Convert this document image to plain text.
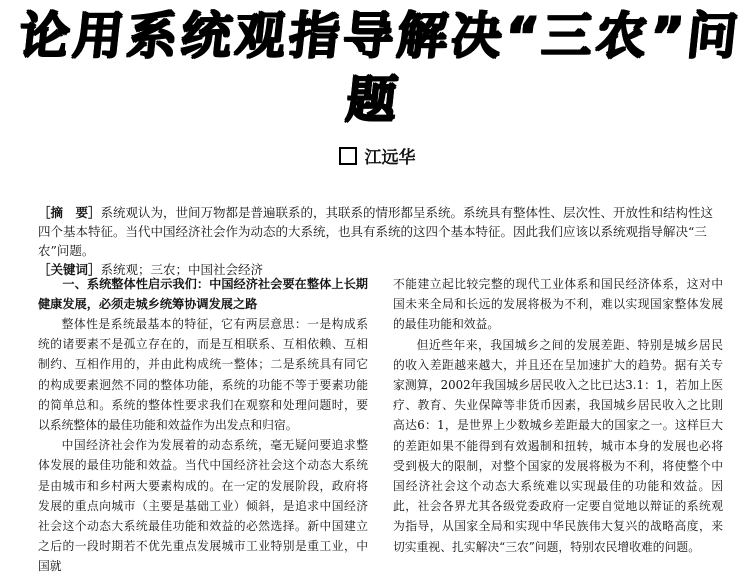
论用系统观指导解决“三农”问题
江远华
［摘　要］系统观认为，世间万物都是普遍联系的，其联系的情形都呈系统。系统具有整体性、层次性、开放性和结构性这四个基本特征。当代中国经济社会作为动态的大系统，也具有系统的这四个基本特征。因此我们应该以系统观指导解决“三农”问题。
［关键词］系统观；三农；中国社会经济

一、系统整体性启示我们：中国经济社会要在整体上长期健康发展，必须走城乡统筹协调发展之路

整体性是系统最基本的特征，它有两层意思：一是构成系统的诸要素不是孤立存在的，而是互相联系、互相依赖、互相制约、互相作用的，并由此构成统一整体；二是系统具有同它的构成要素迥然不同的整体功能，系统的功能不等于要素功能的简单总和。系统的整体性要求我们在观察和处理问题时，要以系统整体的最佳功能和效益作为出发点和归宿。

中国经济社会作为发展着的动态系统，毫无疑问要追求整体发展的最佳功能和效益。当代中国经济社会这个动态大系统是由城市和乡村两大要素构成的。在一定的发展阶段，政府将发展的重点向城市（主要是基础工业）倾斜，是追求中国经济社会这个动态大系统最佳功能和效益的必然选择。新中国建立之后的一段时期若不优先重点发展城市工业特别是重工业，中国就

不能建立起比较完整的现代工业体系和国民经济体系，这对中国未来全局和长远的发展将极为不利，难以实现国家整体发展的最佳功能和效益。

但近些年来，我国城乡之间的发展差距、特别是城乡居民的收入差距越来越大，并且还在呈加速扩大的趋势。据有关专家测算，2002年我国城乡居民收入之比已达3.1：1，若加上医疗、教育、失业保障等非货币因素，我国城乡居民收入之比則高达6：1，是世界上少数城乡差距最大的国家之一。这样巨大的差距如果不能得到有效遏制和扭转，城市本身的发展也必将受到极大的限制，对整个国家的发展将极为不利，将使整个中国经济社会这个动态大系统难以实现最佳的功能和效益。因此，社会各界尤其各级党委政府一定要自觉地以辩证的系统观为指导，从国家全局和实现中华民族伟大复兴的战略高度，来切实重视、扎实解决“三农”问题，特别农民增收难的问题。
